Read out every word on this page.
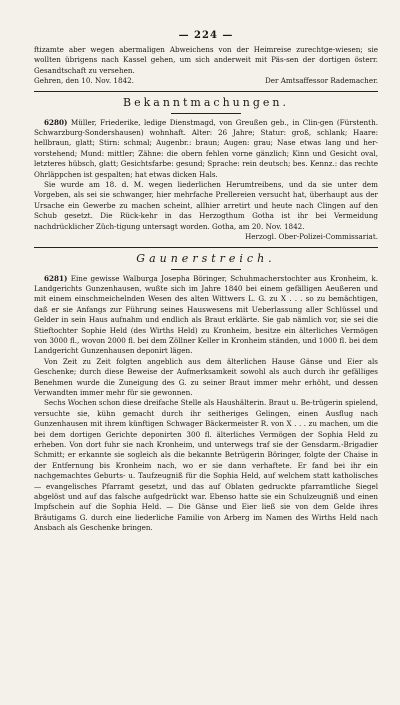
— 224 —

ftizamte aber wegen abermaligen Abweichens von der Heimreise zurechtge-wiesen; sie wollten übrigens nach Kassel gehen, um sich anderweit mit Päs-sen der dortigen österr. Gesandtschaft zu versehen.

Gehren, den 10. Nov. 1842.	Der Amtsaffessor Rademacher.
Bekanntmachungen.

6280) Müller, Friederike, ledige Dienstmagd, von Greußen geb., in Clin-gen (Fürstenth. Schwarzburg-Sondershausen) wohnhaft. Alter: 26 Jahre; Statur: groß, schlank; Haare: hellbraun, glatt; Stirn: schmal; Augenbr.: braun; Augen: grau; Nase etwas lang und her-vorstehend; Mund: mittler; Zähne: die obern fehlen vorne gänzlich; Kinn und Gesicht oval, letzteres hübsch, glatt; Gesichtsfarbe: gesund; Sprache: rein deutsch; bes. Kennz.: das rechte Ohrläppchen ist gespalten; hat etwas dicken Hals.

Sie wurde am 18. d. M. wegen liederlichen Herumtreibens, und da sie unter dem Vorgeben, als sei sie schwanger, hier mehrfache Prellereien versucht hat, überhaupt aus der Ursache ein Gewerbe zu machen scheint, allhier arretirt und heute nach Clingen auf den Schub gesetzt. Die Rück-kehr in das Herzogthum Gotha ist ihr bei Vermeidung nachdrücklicher Züch-tigung untersagt worden. Gotha, am 20. Nov. 1842.

Herzogl. Ober-Polizei-Commissariat.

Gaunerstreich.

6281) Eine gewisse Walburga Josepha Böringer, Schuhmacherstochter aus Kronheim, k. Landgerichts Gunzenhausen, wußte sich im Jahre 1840 bei einem gefälligen Aeußeren und mit einem einschmeichelnden Wesen des alten Wittwers L. G. zu X . . . so zu bemächtigen, daß er sie Anfangs zur Führung seines Hauswesens mit Ueberlassung aller Schlüssel und Gelder in sein Haus aufnahm und endlich als Braut erklärte. Sie gab nämlich vor, sie sei die Stieftochter Sophie Held (des Wirths Held) zu Kronheim, besitze ein älterliches Vermögen von 3000 fl., wovon 2000 fl. bei dem Zöllner Keller in Kronheim ständen, und 1000 fl. bei dem Landgericht Gunzenhausen deponirt lägen.

Von Zeit zu Zeit folgten angeblich aus dem älterlichen Hause Gänse und Eier als Geschenke; durch diese Beweise der Aufmerksamkeit sowohl als auch durch ihr gefälliges Benehmen wurde die Zuneigung des G. zu seiner Braut immer mehr erhöht, und dessen Verwandten immer mehr für sie gewonnen.

Sechs Wochen schon diese dreifache Stelle als Haushälterin. Braut u. Be-trügerin spielend, versuchte sie, kühn gemacht durch ihr seitheriges Gelingen, einen Ausflug nach Gunzenhausen mit ihrem künftigen Schwager Bäckermeister R. von X . . . zu machen, um die bei dem dortigen Gerichte deponirten 300 fl. älterliches Vermögen der Sophia Held zu erheben. Von dort fuhr sie nach Kronheim, und unterwegs traf sie der Gensdarm.-Brigadier Schmitt; er erkannte sie sogleich als die bekannte Betrügerin Böringer, folgte der Chaise in der Entfernung bis Kronheim nach, wo er sie dann verhaftete. Er fand bei ihr ein nachgemachtes Geburts- u. Taufzeugniß für die Sophia Held, auf welchem statt katholisches — evangelisches Pfarramt gesetzt, und das auf Oblaten gedruckte pfarramtliche Siegel abgelöst und auf das falsche aufgedrückt war. Ebenso hatte sie ein Schulzeugniß und einen Impfschein auf die Sophia Held. — Die Gänse und Eier ließ sie von dem Gelde ihres Bräutigams G. durch eine liederliche Familie von Arberg im Namen des Wirths Held nach Ansbach als Geschenke bringen.
